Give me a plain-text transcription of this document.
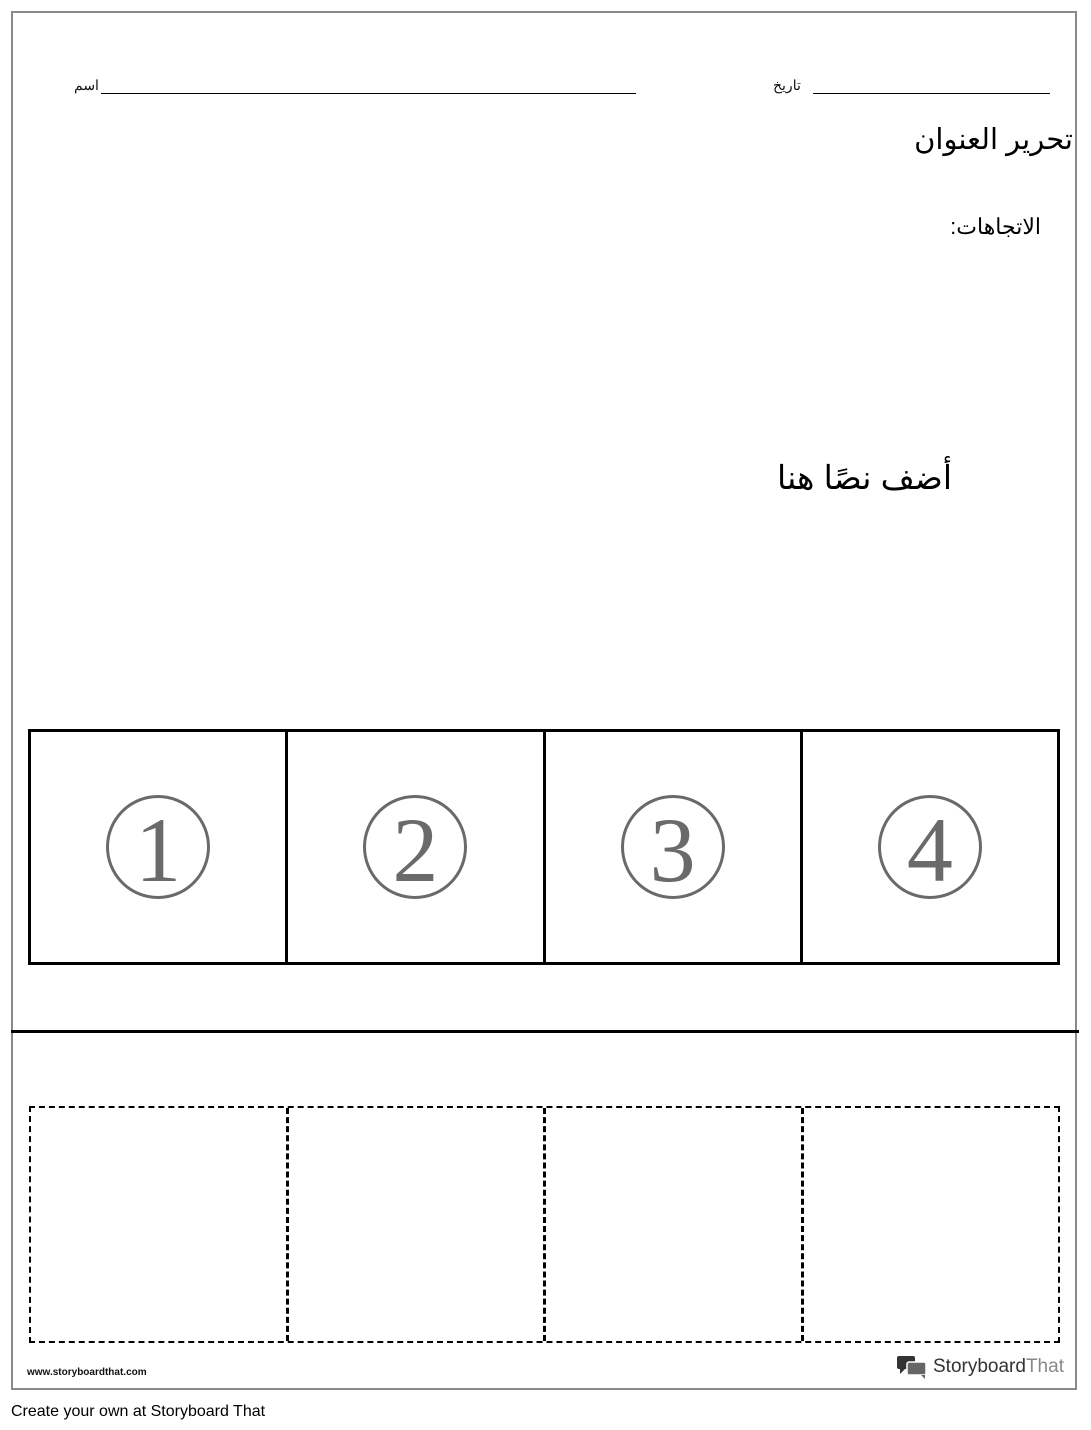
اسم	تاريخ
تحرير العنوان
الاتجاهات:
أضف نصًا هنا
1	2	3	4
www.storyboardthat.com	StoryboardThat
Create your own at Storyboard That
